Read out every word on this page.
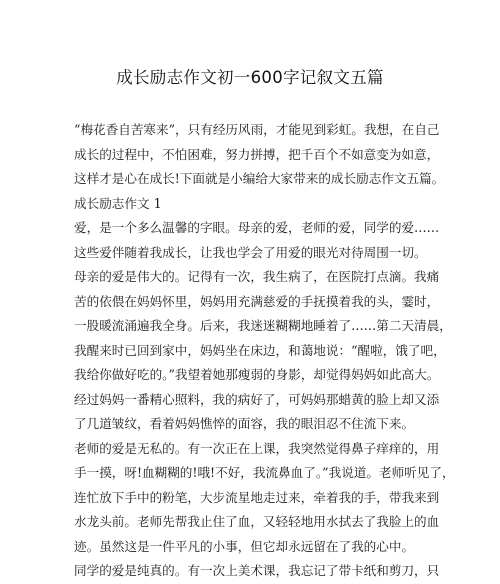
成长励志作文初一600字记叙文五篇
“梅花香自苦寒来”，只有经历风雨，才能见到彩虹。我想，在自己
成长的过程中，不怕困难，努力拼搏，把千百个不如意变为如意，
这样才是心在成长!下面就是小编给大家带来的成长励志作文五篇。
成长励志作文 1
爱，是一个多么温馨的字眼。母亲的爱，老师的爱，同学的爱……
这些爱伴随着我成长，让我也学会了用爱的眼光对待周围一切。
母亲的爱是伟大的。记得有一次，我生病了，在医院打点滴。我痛
苦的依偎在妈妈怀里，妈妈用充满慈爱的手抚摸着我的头，霎时，
一股暖流涌遍我全身。后来，我迷迷糊糊地睡着了……第二天清晨，
我醒来时已回到家中，妈妈坐在床边，和蔼地说：“醒啦，饿了吧，
我给你做好吃的。”我望着她那瘦弱的身影，却觉得妈妈如此高大。
经过妈妈一番精心照料，我的病好了，可妈妈那蜡黄的脸上却又添
了几道皱纹，看着妈妈憔悴的面容，我的眼泪忍不住流下来。
老师的爱是无私的。有一次正在上课，我突然觉得鼻子痒痒的，用
手一摸，呀!血糊糊的!哦!不好，我流鼻血了。”我说道。老师听见了，
连忙放下手中的粉笔，大步流星地走过来，牵着我的手，带我来到
水龙头前。老师先帮我止住了血，又轻轻地用水拭去了我脸上的血
迹。虽然这是一件平凡的小事，但它却永远留在了我的心中。
同学的爱是纯真的。有一次上美术课，我忘记了带卡纸和剪刀，只
